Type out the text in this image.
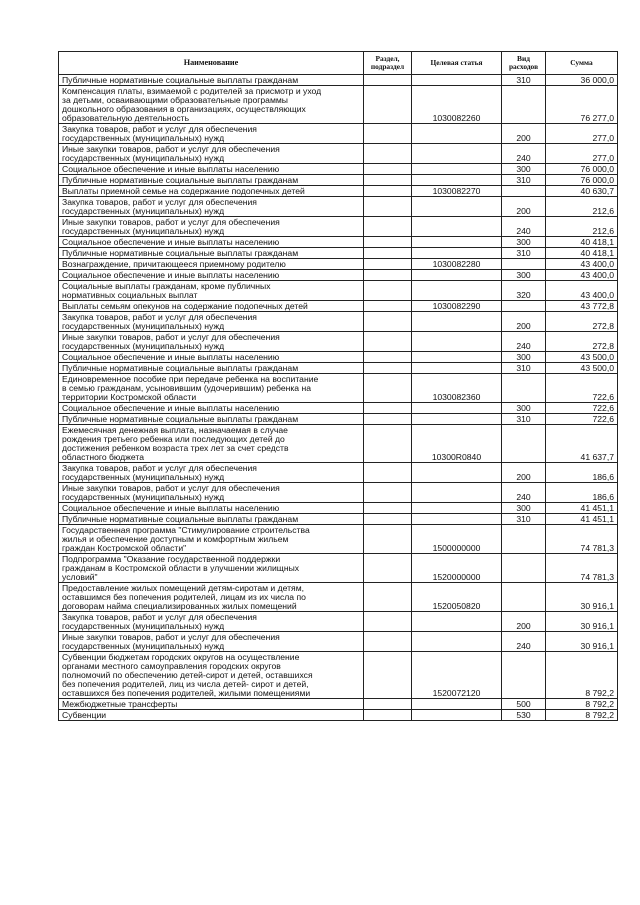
Наименование	Раздел, подраздел	Целевая статья	Вид расходов	Сумма
Публичные нормативные социальные выплаты гражданам			310	36 000,0
Компенсация платы, взимаемой с родителей за присмотр и уход
за детьми, осваивающими образовательные программы
дошкольного образования в организациях, осуществляющих
образовательную деятельность		1030082260		76 277,0
Закупка товаров, работ и услуг для обеспечения
государственных (муниципальных) нужд			200	277,0
Иные закупки товаров, работ и услуг для обеспечения
государственных (муниципальных) нужд			240	277,0
Социальное обеспечение и иные выплаты населению			300	76 000,0
Публичные нормативные социальные выплаты гражданам			310	76 000,0
Выплаты приемной семье на содержание подопечных детей		1030082270		40 630,7
Закупка товаров, работ и услуг для обеспечения
государственных (муниципальных) нужд			200	212,6
Иные закупки товаров, работ и услуг для обеспечения
государственных (муниципальных) нужд			240	212,6
Социальное обеспечение и иные выплаты населению			300	40 418,1
Публичные нормативные социальные выплаты гражданам			310	40 418,1
Вознаграждение, причитающееся приемному родителю		1030082280		43 400,0
Социальное обеспечение и иные выплаты населению			300	43 400,0
Социальные выплаты гражданам, кроме публичных
нормативных социальных выплат			320	43 400,0
Выплаты семьям опекунов на содержание подопечных детей		1030082290		43 772,8
Закупка товаров, работ и услуг для обеспечения
государственных (муниципальных) нужд			200	272,8
Иные закупки товаров, работ и услуг для обеспечения
государственных (муниципальных) нужд			240	272,8
Социальное обеспечение и иные выплаты населению			300	43 500,0
Публичные нормативные социальные выплаты гражданам			310	43 500,0
Единовременное пособие при передаче ребенка на воспитание
в семью гражданам, усыновившим (удочерившим) ребенка на
территории Костромской области		1030082360		722,6
Социальное обеспечение и иные выплаты населению			300	722,6
Публичные нормативные социальные выплаты гражданам			310	722,6
Ежемесячная денежная выплата, назначаемая в случае
рождения третьего ребенка или последующих детей до
достижения ребенком возраста трех лет за счет средств
областного бюджета		10300R0840		41 637,7
Закупка товаров, работ и услуг для обеспечения
государственных (муниципальных) нужд			200	186,6
Иные закупки товаров, работ и услуг для обеспечения
государственных (муниципальных) нужд			240	186,6
Социальное обеспечение и иные выплаты населению			300	41 451,1
Публичные нормативные социальные выплаты гражданам			310	41 451,1
Государственная программа "Стимулирование строительства
жилья и обеспечение доступным и комфортным жильем
граждан Костромской области"		1500000000		74 781,3
Подпрограмма "Оказание государственной поддержки
гражданам в Костромской области в улучшении жилищных
условий"		1520000000		74 781,3
Предоставление жилых помещений детям-сиротам и детям,
оставшимся без попечения родителей, лицам из их числа по
договорам найма специализированных жилых помещений		1520050820		30 916,1
Закупка товаров, работ и услуг для обеспечения
государственных (муниципальных) нужд			200	30 916,1
Иные закупки товаров, работ и услуг для обеспечения
государственных (муниципальных) нужд			240	30 916,1
Субвенции бюджетам городских округов на осуществление
органами местного самоуправления городских округов
полномочий по обеспечению детей-сирот и детей, оставшихся
без попечения родителей, лиц из числа детей- сирот и детей,
оставшихся без попечения родителей, жилыми помещениями		1520072120		8 792,2
Межбюджетные трансферты			500	8 792,2
Субвенции			530	8 792,2
